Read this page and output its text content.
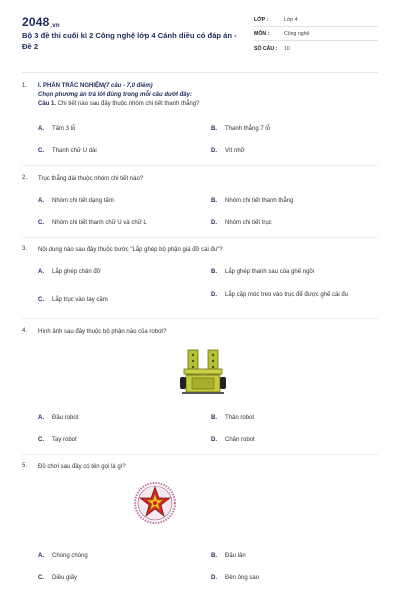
2048.vn
Bộ 3 đề thi cuối kì 2 Công nghệ lớp 4 Cánh diều có đáp án - Đề 2
LỚP :	Lớp 4
MÔN :	Công nghệ
SỐ CÂU :	10
1. I. PHẦN TRẮC NGHIỆM(7 câu - 7,0 điểm)
Chọn phương án trả lời đúng trong mỗi câu dưới đây:
Câu 1. Chi tiết nào sau đây thuộc nhóm chi tiết thanh thẳng?
A.	Tấm 3 lỗ	B.	Thanh thẳng 7 lỗ
C.	Thanh chữ U dài	D.	Vít nhỡ
2. Trục thẳng dài thuộc nhóm chi tiết nào?
A.	Nhóm chi tiết dạng tấm	B.	Nhóm chi tiết thanh thẳng
C.	Nhóm chi tiết thanh chữ U và chữ L	D.	Nhóm chi tiết trục
3. Nội dung nào sau đây thuộc bước "Lắp ghép bộ phận giá đỡ cái đu"?
A.	Lắp ghép chân đỡ	B.	Lắp ghép thanh sau của ghế ngồi
C.	Lắp trục vào tay cầm
D.	Lắp cặp móc treo vào trục để được ghế cái đu
4. Hình ảnh sau đây thuộc bộ phận nào của robot?
A.	Đầu robot	B.	Thân robot
C.	Tay robot	D.	Chân robot
5. Đồ chơi sau đây có tên gọi là gì?
A.	Chong chóng	B.	Đầu lân
C.	Diều giấy	D.	Đèn ông sao
